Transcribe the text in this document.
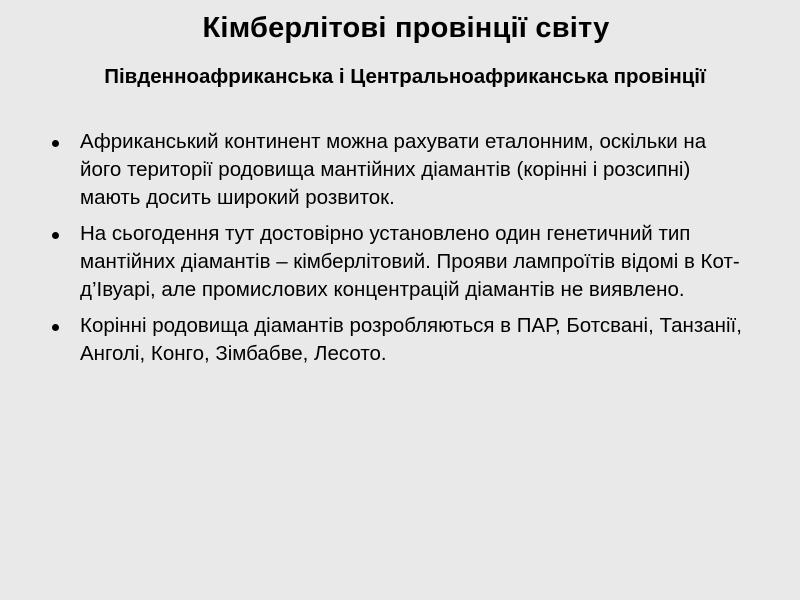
Кімберлітові провінції світу
Південноафриканська і Центральноафриканська провінції
Африканський континент можна рахувати еталонним, оскільки на його території родовища мантійних діамантів (корінні і розсипні) мають досить широкий розвиток.
На сьогодення тут достовірно установлено один генетичний тип мантійних діамантів – кімберлітовий. Прояви лампроїтів відомі в Кот-д’Івуарі, але промислових концентрацій діамантів не виявлено.
Корінні родовища діамантів розробляються в ПАР, Ботсвані, Танзанії, Анголі, Конго, Зімбабве, Лесото.
